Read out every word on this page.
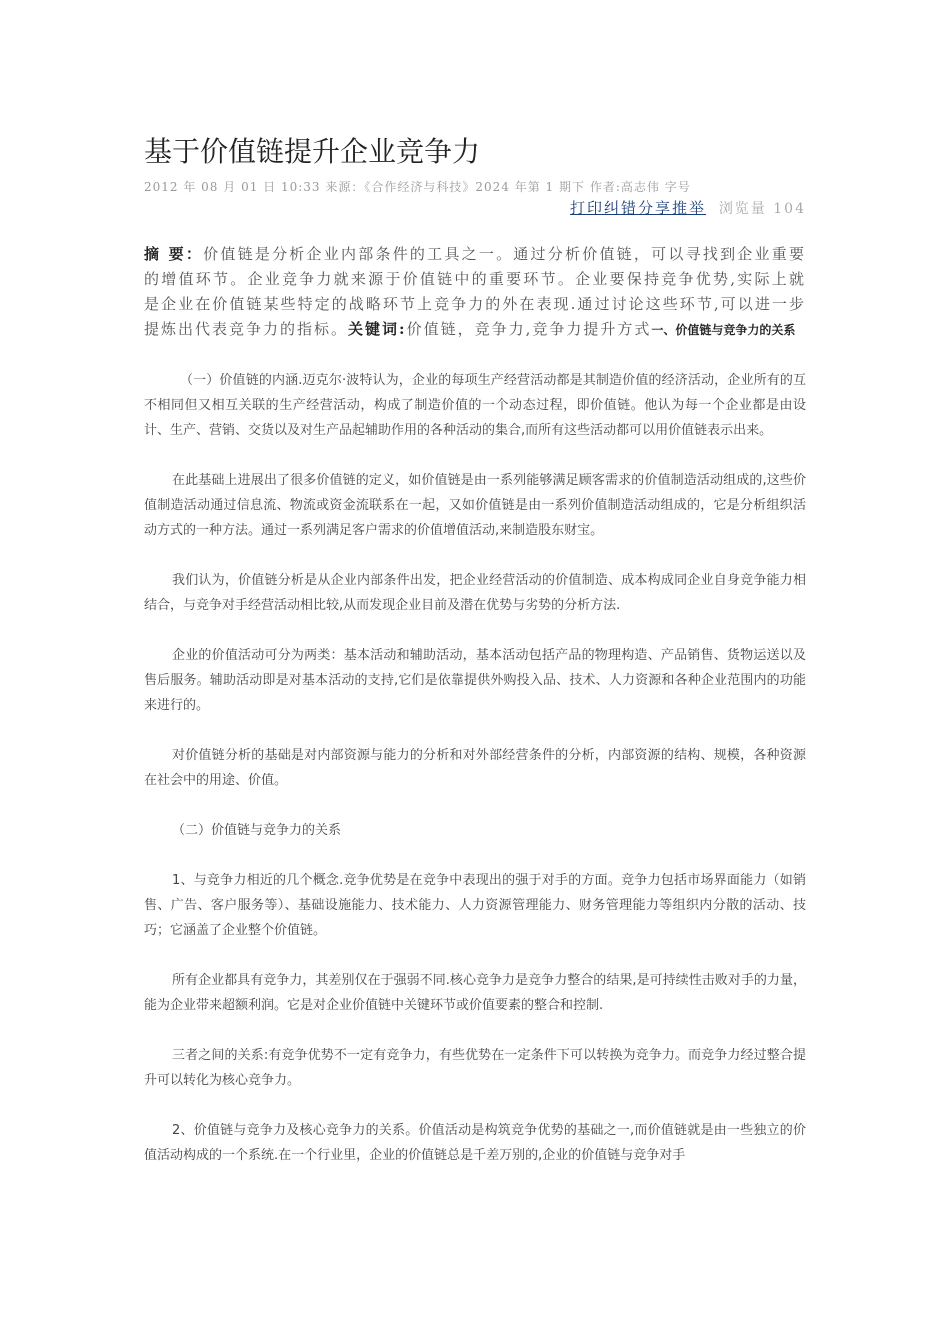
基于价值链提升企业竞争力
2012 年 08 月 01 日 10:33 来源：《合作经济与科技》2024 年第 1 期下 作者:高志伟 字号
打印纠错分享推举 浏览量 104
摘 要：价值链是分析企业内部条件的工具之一。通过分析价值链，可以寻找到企业重要的增值环节。企业竞争力就来源于价值链中的重要环节。企业要保持竞争优势,实际上就是企业在价值链某些特定的战略环节上竞争力的外在表现.通过讨论这些环节,可以进一步提炼出代表竞争力的指标。关键词:价值链，竞争力,竞争力提升方式一、价值链与竞争力的关系

（一）价值链的内涵.迈克尔·波特认为，企业的每项生产经营活动都是其制造价值的经济活动，企业所有的互不相同但又相互关联的生产经营活动，构成了制造价值的一个动态过程，即价值链。他认为每一个企业都是由设计、生产、营销、交货以及对生产品起辅助作用的各种活动的集合,而所有这些活动都可以用价值链表示出来。

在此基础上进展出了很多价值链的定义，如价值链是由一系列能够满足顾客需求的价值制造活动组成的,这些价值制造活动通过信息流、物流或资金流联系在一起，又如价值链是由一系列价值制造活动组成的，它是分析组织活动方式的一种方法。通过一系列满足客户需求的价值增值活动,来制造股东财宝。

我们认为，价值链分析是从企业内部条件出发，把企业经营活动的价值制造、成本构成同企业自身竞争能力相结合，与竞争对手经营活动相比较,从而发现企业目前及潜在优势与劣势的分析方法.

企业的价值活动可分为两类：基本活动和辅助活动，基本活动包括产品的物理构造、产品销售、货物运送以及售后服务。辅助活动即是对基本活动的支持,它们是依靠提供外购投入品、技术、人力资源和各种企业范围内的功能来进行的。

对价值链分析的基础是对内部资源与能力的分析和对外部经营条件的分析，内部资源的结构、规模，各种资源在社会中的用途、价值。

（二）价值链与竞争力的关系

1、与竞争力相近的几个概念.竞争优势是在竞争中表现出的强于对手的方面。竞争力包括市场界面能力（如销售、广告、客户服务等）、基础设施能力、技术能力、人力资源管理能力、财务管理能力等组织内分散的活动、技巧；它涵盖了企业整个价值链。

所有企业都具有竞争力，其差别仅在于强弱不同.核心竞争力是竞争力整合的结果,是可持续性击败对手的力量，能为企业带来超额利润。它是对企业价值链中关键环节或价值要素的整合和控制.

三者之间的关系:有竞争优势不一定有竞争力，有些优势在一定条件下可以转换为竞争力。而竞争力经过整合提升可以转化为核心竞争力。

2、价值链与竞争力及核心竞争力的关系。价值活动是构筑竞争优势的基础之一,而价值链就是由一些独立的价值活动构成的一个系统.在一个行业里，企业的价值链总是千差万别的,企业的价值链与竞争对手
